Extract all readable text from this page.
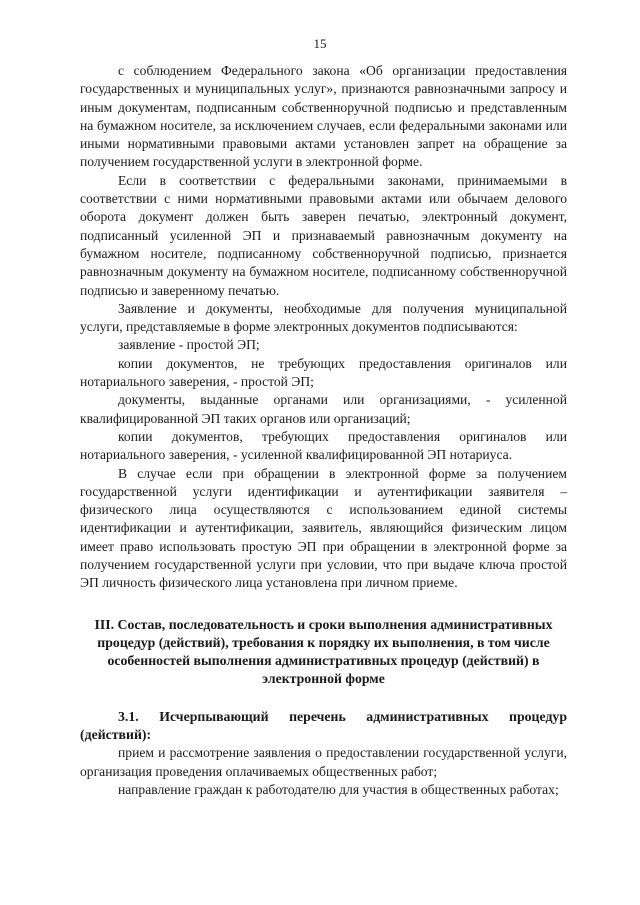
15

с соблюдением Федерального закона «Об организации предоставления государственных и муниципальных услуг», признаются равнозначными запросу и иным документам, подписанным собственноручной подписью и представленным на бумажном носителе, за исключением случаев, если федеральными законами или иными нормативными правовыми актами установлен запрет на обращение за получением государственной услуги в электронной форме.

Если в соответствии с федеральными законами, принимаемыми в соответствии с ними нормативными правовыми актами или обычаем делового оборота документ должен быть заверен печатью, электронный документ, подписанный усиленной ЭП и признаваемый равнозначным документу на бумажном носителе, подписанному собственноручной подписью, признается равнозначным документу на бумажном носителе, подписанному собственноручной подписью и заверенному печатью.

Заявление и документы, необходимые для получения муниципальной услуги, представляемые в форме электронных документов подписываются:

заявление - простой ЭП;

копии документов, не требующих предоставления оригиналов или нотариального заверения, - простой ЭП;

документы, выданные органами или организациями, - усиленной квалифицированной ЭП таких органов или организаций;

копии документов, требующих предоставления оригиналов или нотариального заверения, - усиленной квалифицированной ЭП нотариуса.

В случае если при обращении в электронной форме за получением государственной услуги идентификации и аутентификации заявителя – физического лица осуществляются с использованием единой системы идентификации и аутентификации, заявитель, являющийся физическим лицом имеет право использовать простую ЭП при обращении в электронной форме за получением государственной услуги при условии, что при выдаче ключа простой ЭП личность физического лица установлена при личном приеме.

III. Состав, последовательность и сроки выполнения административных процедур (действий), требования к порядку их выполнения, в том числе особенностей выполнения административных процедур (действий) в электронной форме

3.1. Исчерпывающий перечень административных процедур (действий):

прием и рассмотрение заявления о предоставлении государственной услуги, организация проведения оплачиваемых общественных работ;

направление граждан к работодателю для участия в общественных работах;
